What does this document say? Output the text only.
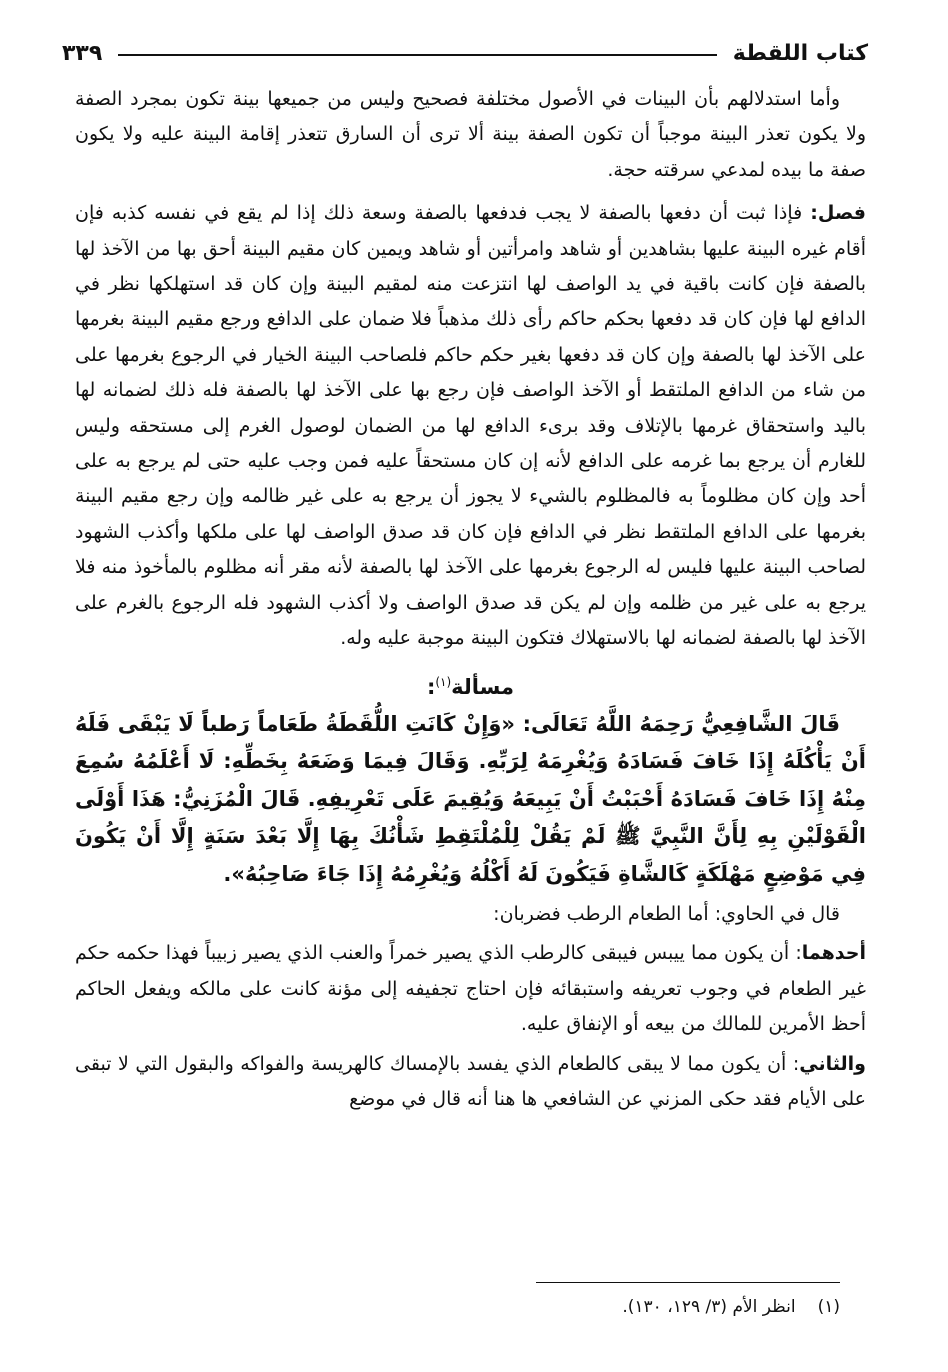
كتاب اللقطة
٣٣٩

وأما استدلالهم بأن البينات في الأصول مختلفة فصحيح وليس من جميعها بينة تكون بمجرد الصفة ولا يكون تعذر البينة موجباً أن تكون الصفة بينة ألا ترى أن السارق تتعذر إقامة البينة عليه ولا يكون صفة ما بيده لمدعي سرقته حجة.

فصل: فإذا ثبت أن دفعها بالصفة لا يجب فدفعها بالصفة وسعة ذلك إذا لم يقع في نفسه كذبه فإن أقام غيره البينة عليها بشاهدين أو شاهد وامرأتين أو شاهد ويمين كان مقيم البينة أحق بها من الآخذ لها بالصفة فإن كانت باقية في يد الواصف لها انتزعت منه لمقيم البينة وإن كان قد استهلكها نظر في الدافع لها فإن كان قد دفعها بحكم حاكم رأى ذلك مذهباً فلا ضمان على الدافع ورجع مقيم البينة بغرمها على الآخذ لها بالصفة وإن كان قد دفعها بغير حكم حاكم فلصاحب البينة الخيار في الرجوع بغرمها على من شاء من الدافع الملتقط أو الآخذ الواصف فإن رجع بها على الآخذ لها بالصفة فله ذلك لضمانه لها باليد واستحقاق غرمها بالإتلاف وقد برىء الدافع لها من الضمان لوصول الغرم إلى مستحقه وليس للغارم أن يرجع بما غرمه على الدافع لأنه إن كان مستحقاً عليه فمن وجب عليه حتى لم يرجع به على أحد وإن كان مظلوماً به فالمظلوم بالشيء لا يجوز أن يرجع به على غير ظالمه وإن رجع مقيم البينة بغرمها على الدافع الملتقط نظر في الدافع فإن كان قد صدق الواصف لها على ملكها وأكذب الشهود لصاحب البينة عليها فليس له الرجوع بغرمها على الآخذ لها بالصفة لأنه مقر أنه مظلوم بالمأخوذ منه فلا يرجع به على غير من ظلمه وإن لم يكن قد صدق الواصف ولا أكذب الشهود فله الرجوع بالغرم على الآخذ لها بالصفة لضمانه لها بالاستهلاك فتكون البينة موجبة عليه وله.

مسألة$^{(١)}$:

قَالَ الشَّافِعِيُّ رَحِمَهُ اللَّهُ تَعَالَى: «وَإِنْ كَانَتِ اللُّقَطَةُ طَعَاماً رَطباً لَا يَبْقَى فَلَهُ أَنْ يَأْكُلَهُ إِذَا خَافَ فَسَادَهُ وَيُغْرِمَهُ لِرَبِّهِ. وَقَالَ فِيمَا وَضَعَهُ بِخَطِّهِ: لَا أَعْلَمُهُ سُمِعَ مِنْهُ إِذَا خَافَ فَسَادَهُ أَحْبَبْتُ أَنْ يَبِيعَهُ وَيُقِيمَ عَلَى تَعْرِيفِهِ. قَالَ الْمُزَنِيُّ: هَذَا أَوْلَى الْقَوْلَيْنِ بِهِ لِأَنَّ النَّبِيَّ ﷺ لَمْ يَقُلْ لِلْمُلْتَقِطِ شَأْنُكَ بِهَا إِلَّا بَعْدَ سَنَةٍ إِلَّا أَنْ يَكُونَ فِي مَوْضِعٍ مَهْلَكَةٍ كَالشَّاةِ فَيَكُونَ لَهُ أَكْلُهُ وَيُغْرِمُهُ إِذَا جَاءَ صَاحِبُهُ».

قال في الحاوي: أما الطعام الرطب فضربان:

أحدهما: أن يكون مما ييبس فيبقى كالرطب الذي يصير خمراً والعنب الذي يصير زبيباً فهذا حكمه حكم غير الطعام في وجوب تعريفه واستبقائه فإن احتاج تجفيفه إلى مؤنة كانت على مالكه ويفعل الحاكم أحظ الأمرين للمالك من بيعه أو الإنفاق عليه.

والثاني: أن يكون مما لا يبقى كالطعام الذي يفسد بالإمساك كالهريسة والفواكه والبقول التي لا تبقى على الأيام فقد حكى المزني عن الشافعي ها هنا أنه قال في موضع

(١)انظر الأم (٣/ ١٢٩، ١٣٠).
